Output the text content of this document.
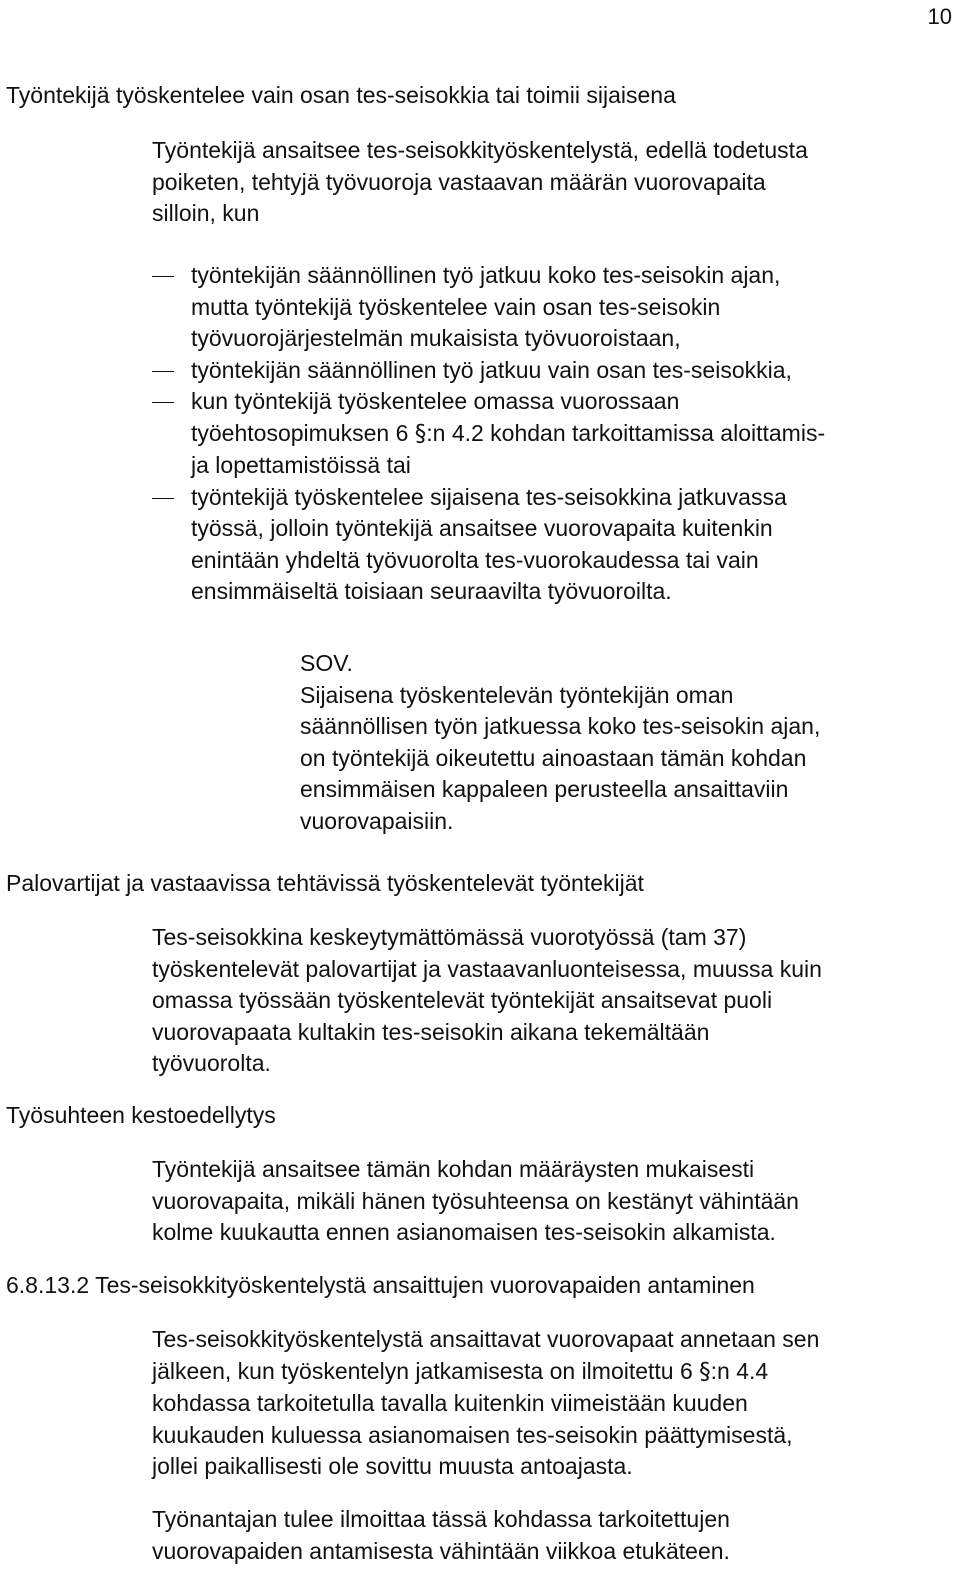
10
Työntekijä työskentelee vain osan tes-seisokkia tai toimii sijaisena
Työntekijä ansaitsee tes-seisokkityöskentelystä, edellä todetusta
poiketen, tehtyjä työvuoroja vastaavan määrän vuorovapaita
silloin, kun
työntekijän säännöllinen työ jatkuu koko tes-seisokin ajan,
mutta työntekijä työskentelee vain osan tes-seisokin
työvuorojärjestelmän mukaisista työvuoroistaan,
työntekijän säännöllinen työ jatkuu vain osan tes-seisokkia,
kun työntekijä työskentelee omassa vuorossaan
työehtosopimuksen 6 §:n 4.2 kohdan tarkoittamissa aloittamis-
ja lopettamistöissä tai
työntekijä työskentelee sijaisena tes-seisokkina jatkuvassa
työssä, jolloin työntekijä ansaitsee vuorovapaita kuitenkin
enintään yhdeltä työvuorolta tes-vuorokaudessa tai vain
ensimmäiseltä toisiaan seuraavilta työvuoroilta.
SOV.
Sijaisena työskentelevän työntekijän oman
säännöllisen työn jatkuessa koko tes-seisokin ajan,
on työntekijä oikeutettu ainoastaan tämän kohdan
ensimmäisen kappaleen perusteella ansaittaviin
vuorovapaisiin.
Palovartijat ja vastaavissa tehtävissä työskentelevät työntekijät
Tes-seisokkina keskeytymättömässä vuorotyössä (tam 37)
työskentelevät palovartijat ja vastaavanluonteisessa, muussa kuin
omassa työssään työskentelevät työntekijät ansaitsevat puoli
vuorovapaata kultakin tes-seisokin aikana tekemältään
työvuorolta.
Työsuhteen kestoedellytys
Työntekijä ansaitsee tämän kohdan määräysten mukaisesti
vuorovapaita, mikäli hänen työsuhteensa on kestänyt vähintään
kolme kuukautta ennen asianomaisen tes-seisokin alkamista.
6.8.13.2 Tes-seisokkityöskentelystä ansaittujen vuorovapaiden antaminen
Tes-seisokkityöskentelystä ansaittavat vuorovapaat annetaan sen
jälkeen, kun työskentelyn jatkamisesta on ilmoitettu 6 §:n 4.4
kohdassa tarkoitetulla tavalla kuitenkin viimeistään kuuden
kuukauden kuluessa asianomaisen tes-seisokin päättymisestä,
jollei paikallisesti ole sovittu muusta antoajasta.
Työnantajan tulee ilmoittaa tässä kohdassa tarkoitettujen
vuorovapaiden antamisesta vähintään viikkoa etukäteen.
